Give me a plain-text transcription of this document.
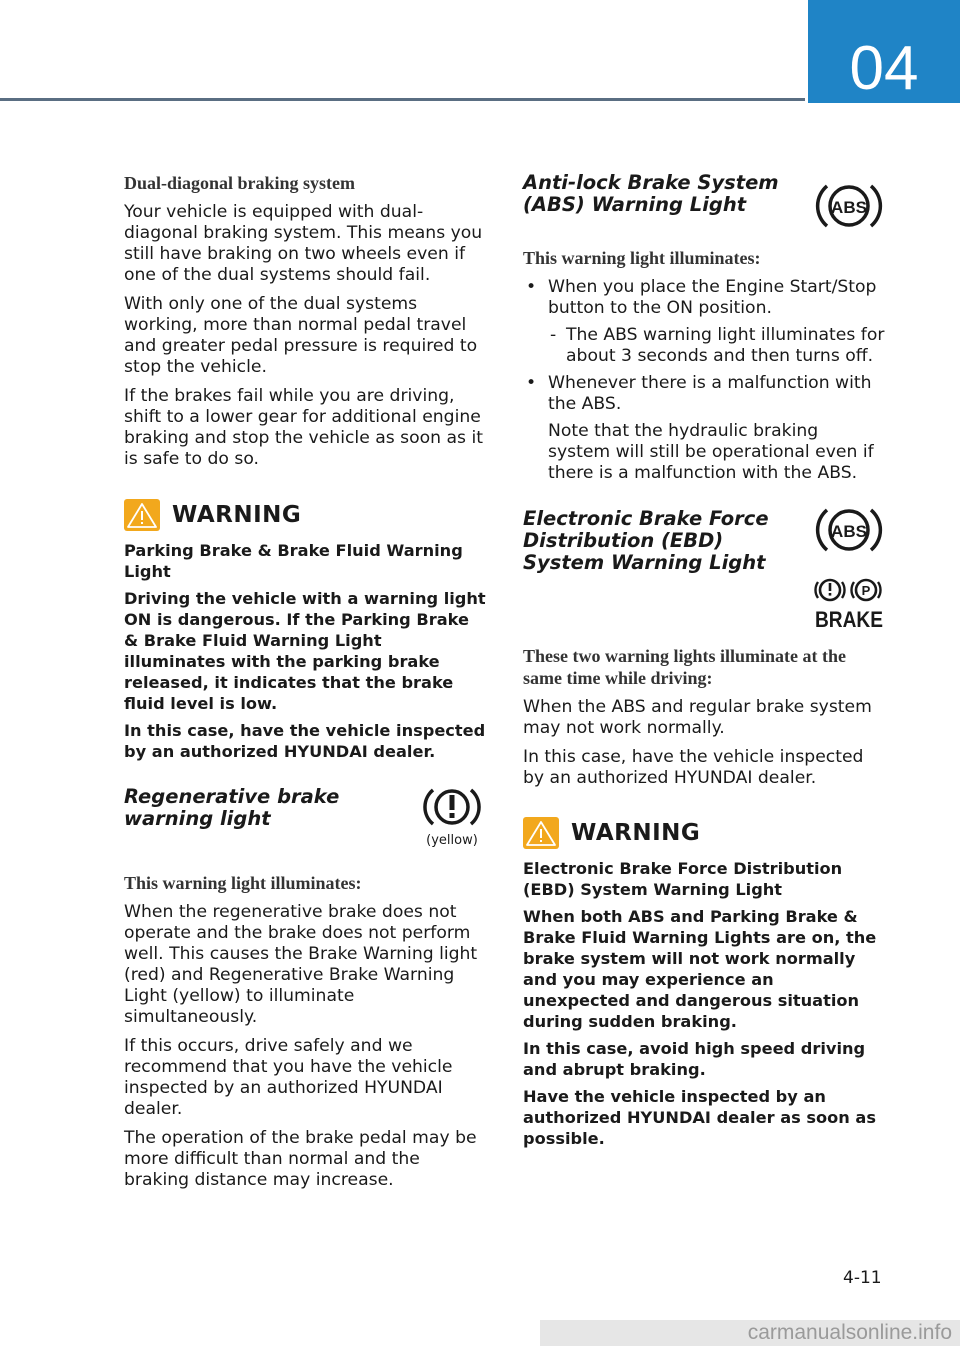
04
Dual-diagonal braking system

Your vehicle is equipped with dual-diagonal braking system. This means you still have braking on two wheels even if one of the dual systems should fail.

With only one of the dual systems working, more than normal pedal travel and greater pedal pressure is required to stop the vehicle.

If the brakes fail while you are driving, shift to a lower gear for additional engine braking and stop the vehicle as soon as it is safe to do so.

WARNING

Parking Brake & Brake Fluid Warning Light

Driving the vehicle with a warning light ON is dangerous. If the Parking Brake & Brake Fluid Warning Light illuminates with the parking brake released, it indicates that the brake fluid level is low.

In this case, have the vehicle inspected by an authorized HYUNDAI dealer.

Regenerative brake warning light
(yellow)
This warning light illuminates:

When the regenerative brake does not operate and the brake does not perform well. This causes the Brake Warning light (red) and Regenerative Brake Warning Light (yellow) to illuminate simultaneously.

If this occurs, drive safely and we recommend that you have the vehicle inspected by an authorized HYUNDAI dealer.

The operation of the brake pedal may be more difficult than normal and the braking distance may increase.

Anti-lock Brake System (ABS) Warning Light	ABS
This warning light illuminates:
• When you place the Engine Start/Stop button to the ON position.
- The ABS warning light illuminates for about 3 seconds and then turns off.
• Whenever there is a malfunction with the ABS.
Note that the hydraulic braking system will still be operational even if there is a malfunction with the ABS.
Electronic Brake Force Distribution (EBD) System Warning Light
ABS
P
BRAKE
These two warning lights illuminate at the same time while driving:

When the ABS and regular brake system may not work normally.

In this case, have the vehicle inspected by an authorized HYUNDAI dealer.

WARNING

Electronic Brake Force Distribution (EBD) System Warning Light

When both ABS and Parking Brake & Brake Fluid Warning Lights are on, the brake system will not work normally and you may experience an unexpected and dangerous situation during sudden braking.

In this case, avoid high speed driving and abrupt braking.

Have the vehicle inspected by an authorized HYUNDAI dealer as soon as possible.

4-11
carmanualsonline.info
